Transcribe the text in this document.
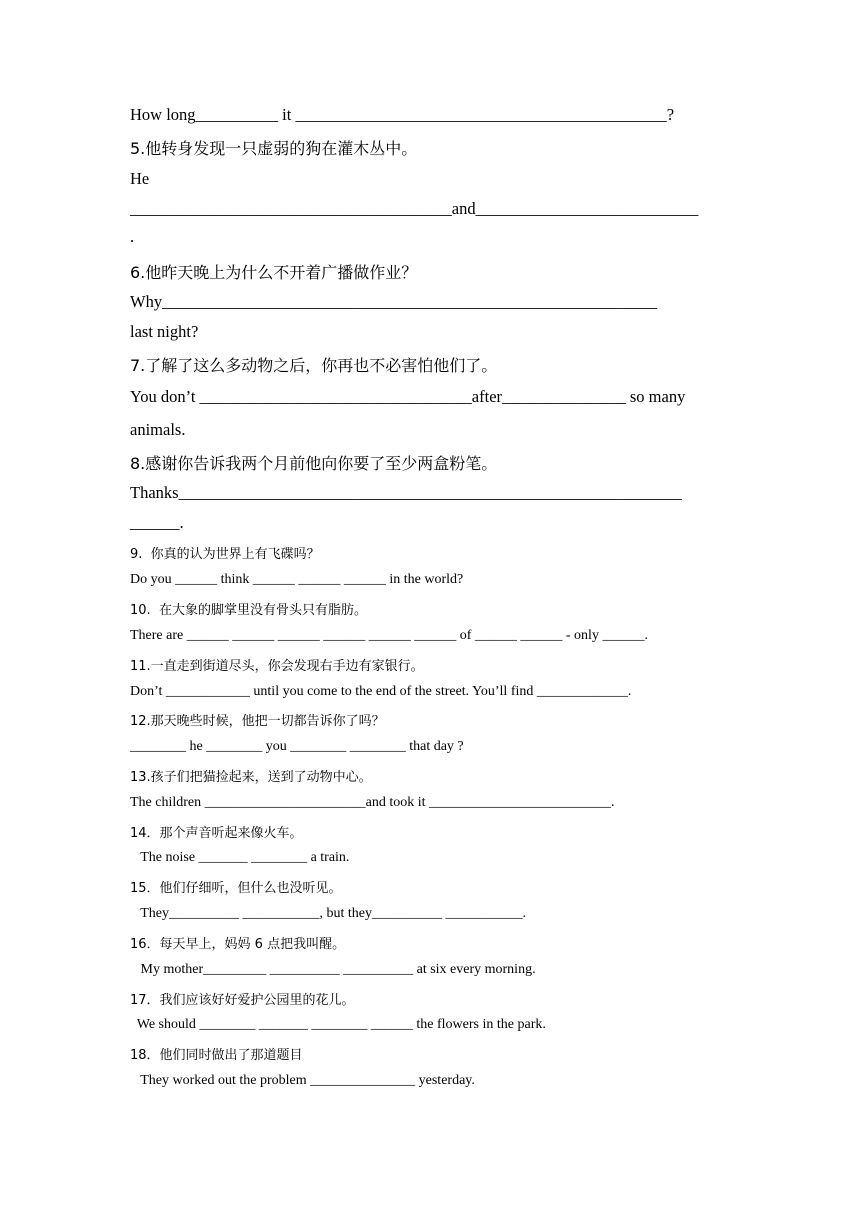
How long__________ it _____________________________________________?
5.他转身发现一只虚弱的狗在灌木丛中。
He
_______________________________________and___________________________
.
6.他昨天晚上为什么不开着广播做作业？
Why____________________________________________________________
last night?
7.了解了这么多动物之后，你再也不必害怕他们了。
You don’t _________________________________after_______________ so many
animals.
8.感谢你告诉我两个月前他向你要了至少两盒粉笔。
Thanks_____________________________________________________________
______.
9.  你真的认为世界上有飞碟吗？
Do you ______ think ______ ______ ______ in the world?
10.  在大象的脚掌里没有骨头只有脂肪。
There are ______ ______ ______ ______ ______ ______ of ______ ______ - only ______.
11.一直走到街道尽头，你会发现右手边有家银行。
Don’t ____________ until you come to the end of the street. You’ll find _____________.
12.那天晚些时候，他把一切都告诉你了吗？
________ he ________ you ________ ________ that day ?
13.孩子们把猫捡起来，送到了动物中心。
The children _______________________and took it __________________________.
14．那个声音听起来像火车。
The noise _______ ________ a train.
15．他们仔细听，但什么也没听见。
They__________ ___________, but they__________ ___________.
16．每天早上，妈妈 6 点把我叫醒。
My mother_________ __________ __________ at six every morning.
17．我们应该好好爱护公园里的花儿。
We should ________ _______ ________ ______ the flowers in the park.
18．他们同时做出了那道题目
They worked out the problem _______________ yesterday.
